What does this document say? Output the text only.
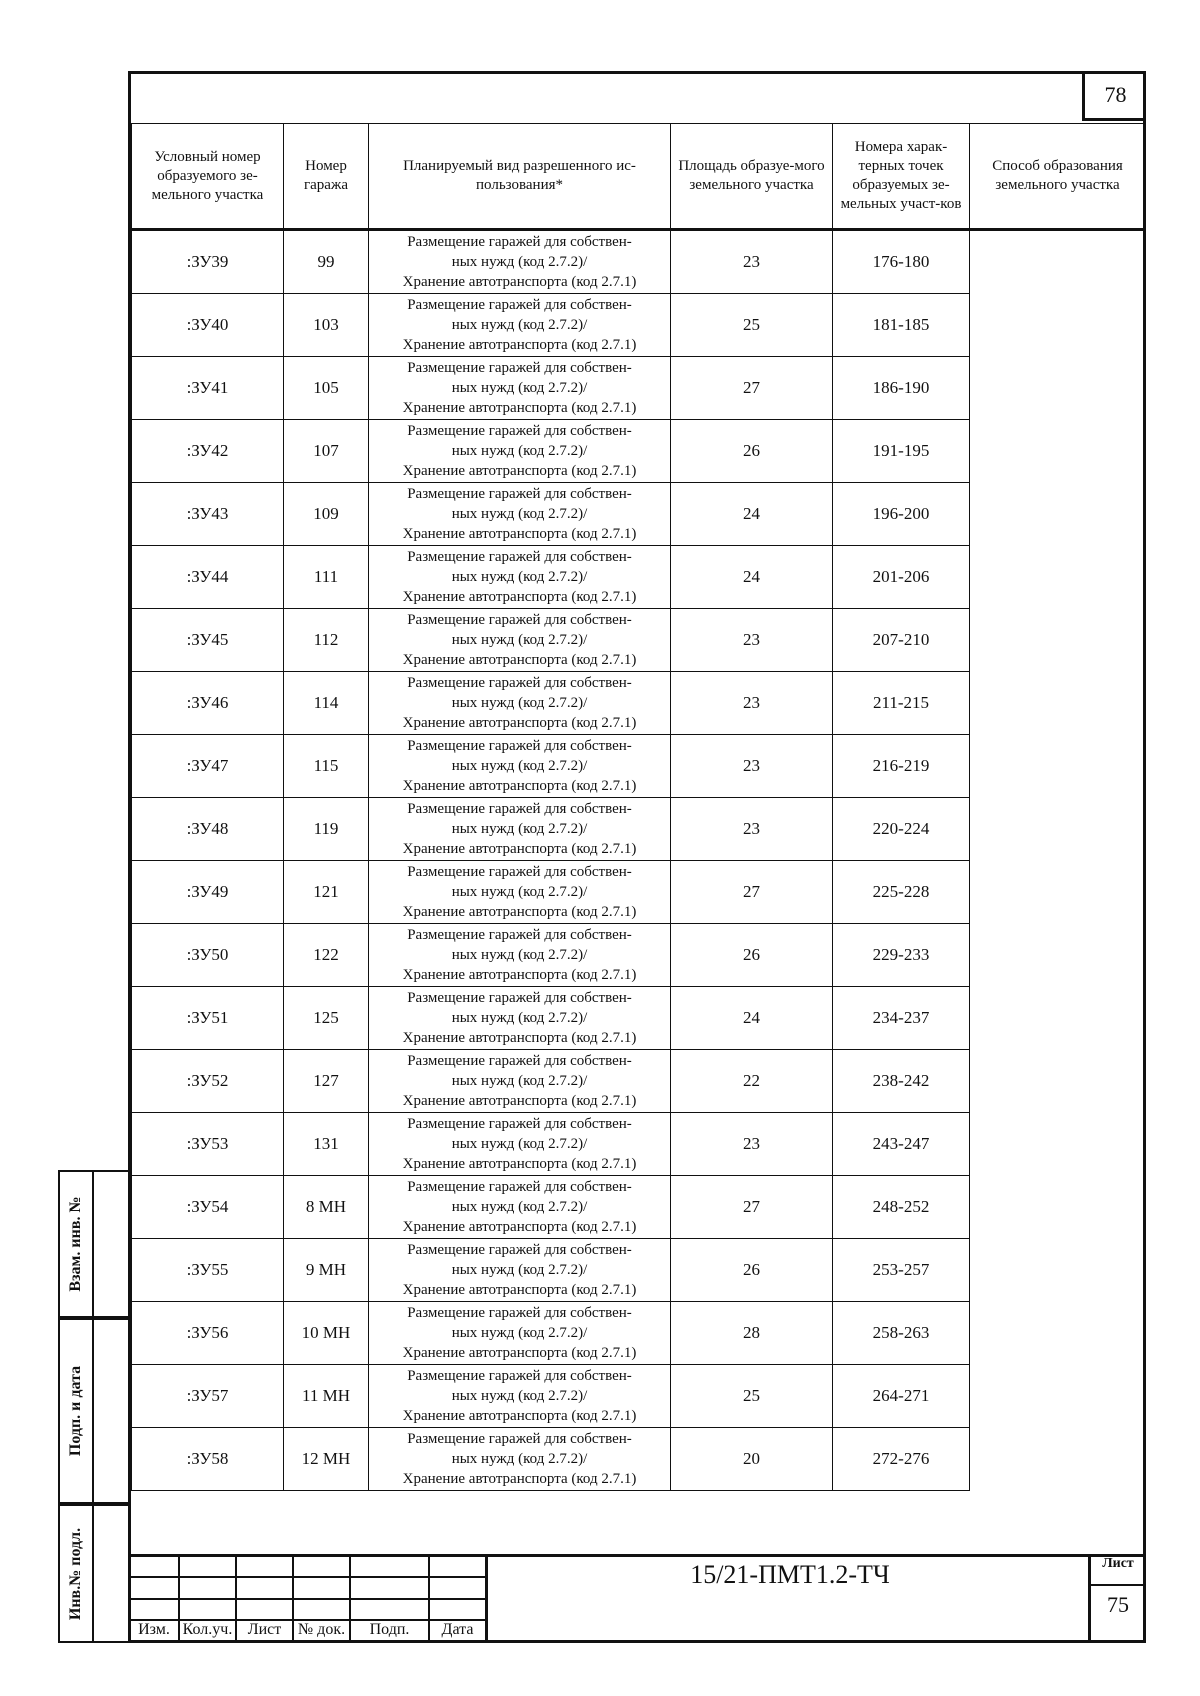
78
Условный номер образуемого зе-мельного участка	Номер гаража	Планируемый вид разрешенного ис-пользования*	Площадь образуе-мого земельного участка	Номера харак-терных точек образуемых зе-мельных участ-ков	Способ образования земельного участка
:ЗУ39	99	Размещение гаражей для собствен-
ных нужд (код 2.7.2)/
Хранение автотранспорта (код 2.7.1)	23	176-180	
:ЗУ40	103	Размещение гаражей для собствен-
ных нужд (код 2.7.2)/
Хранение автотранспорта (код 2.7.1)	25	181-185	
:ЗУ41	105	Размещение гаражей для собствен-
ных нужд (код 2.7.2)/
Хранение автотранспорта (код 2.7.1)	27	186-190	
:ЗУ42	107	Размещение гаражей для собствен-
ных нужд (код 2.7.2)/
Хранение автотранспорта (код 2.7.1)	26	191-195	
:ЗУ43	109	Размещение гаражей для собствен-
ных нужд (код 2.7.2)/
Хранение автотранспорта (код 2.7.1)	24	196-200	
:ЗУ44	111	Размещение гаражей для собствен-
ных нужд (код 2.7.2)/
Хранение автотранспорта (код 2.7.1)	24	201-206	
:ЗУ45	112	Размещение гаражей для собствен-
ных нужд (код 2.7.2)/
Хранение автотранспорта (код 2.7.1)	23	207-210	
:ЗУ46	114	Размещение гаражей для собствен-
ных нужд (код 2.7.2)/
Хранение автотранспорта (код 2.7.1)	23	211-215	
:ЗУ47	115	Размещение гаражей для собствен-
ных нужд (код 2.7.2)/
Хранение автотранспорта (код 2.7.1)	23	216-219	
:ЗУ48	119	Размещение гаражей для собствен-
ных нужд (код 2.7.2)/
Хранение автотранспорта (код 2.7.1)	23	220-224	
:ЗУ49	121	Размещение гаражей для собствен-
ных нужд (код 2.7.2)/
Хранение автотранспорта (код 2.7.1)	27	225-228	
:ЗУ50	122	Размещение гаражей для собствен-
ных нужд (код 2.7.2)/
Хранение автотранспорта (код 2.7.1)	26	229-233	
:ЗУ51	125	Размещение гаражей для собствен-
ных нужд (код 2.7.2)/
Хранение автотранспорта (код 2.7.1)	24	234-237	
:ЗУ52	127	Размещение гаражей для собствен-
ных нужд (код 2.7.2)/
Хранение автотранспорта (код 2.7.1)	22	238-242	
:ЗУ53	131	Размещение гаражей для собствен-
ных нужд (код 2.7.2)/
Хранение автотранспорта (код 2.7.1)	23	243-247	
:ЗУ54	8 МН	Размещение гаражей для собствен-
ных нужд (код 2.7.2)/
Хранение автотранспорта (код 2.7.1)	27	248-252	
:ЗУ55	9 МН	Размещение гаражей для собствен-
ных нужд (код 2.7.2)/
Хранение автотранспорта (код 2.7.1)	26	253-257	
:ЗУ56	10 МН	Размещение гаражей для собствен-
ных нужд (код 2.7.2)/
Хранение автотранспорта (код 2.7.1)	28	258-263	
:ЗУ57	11 МН	Размещение гаражей для собствен-
ных нужд (код 2.7.2)/
Хранение автотранспорта (код 2.7.1)	25	264-271	
:ЗУ58	12 МН	Размещение гаражей для собствен-
ных нужд (код 2.7.2)/
Хранение автотранспорта (код 2.7.1)	20	272-276	
Взам. инв. №
Подп. и дата
Инв.№ подл.
Изм. Кол.уч. Лист	№ док.	Подп.	Дата
15/21-ПМТ1.2-ТЧ	Лист
75
